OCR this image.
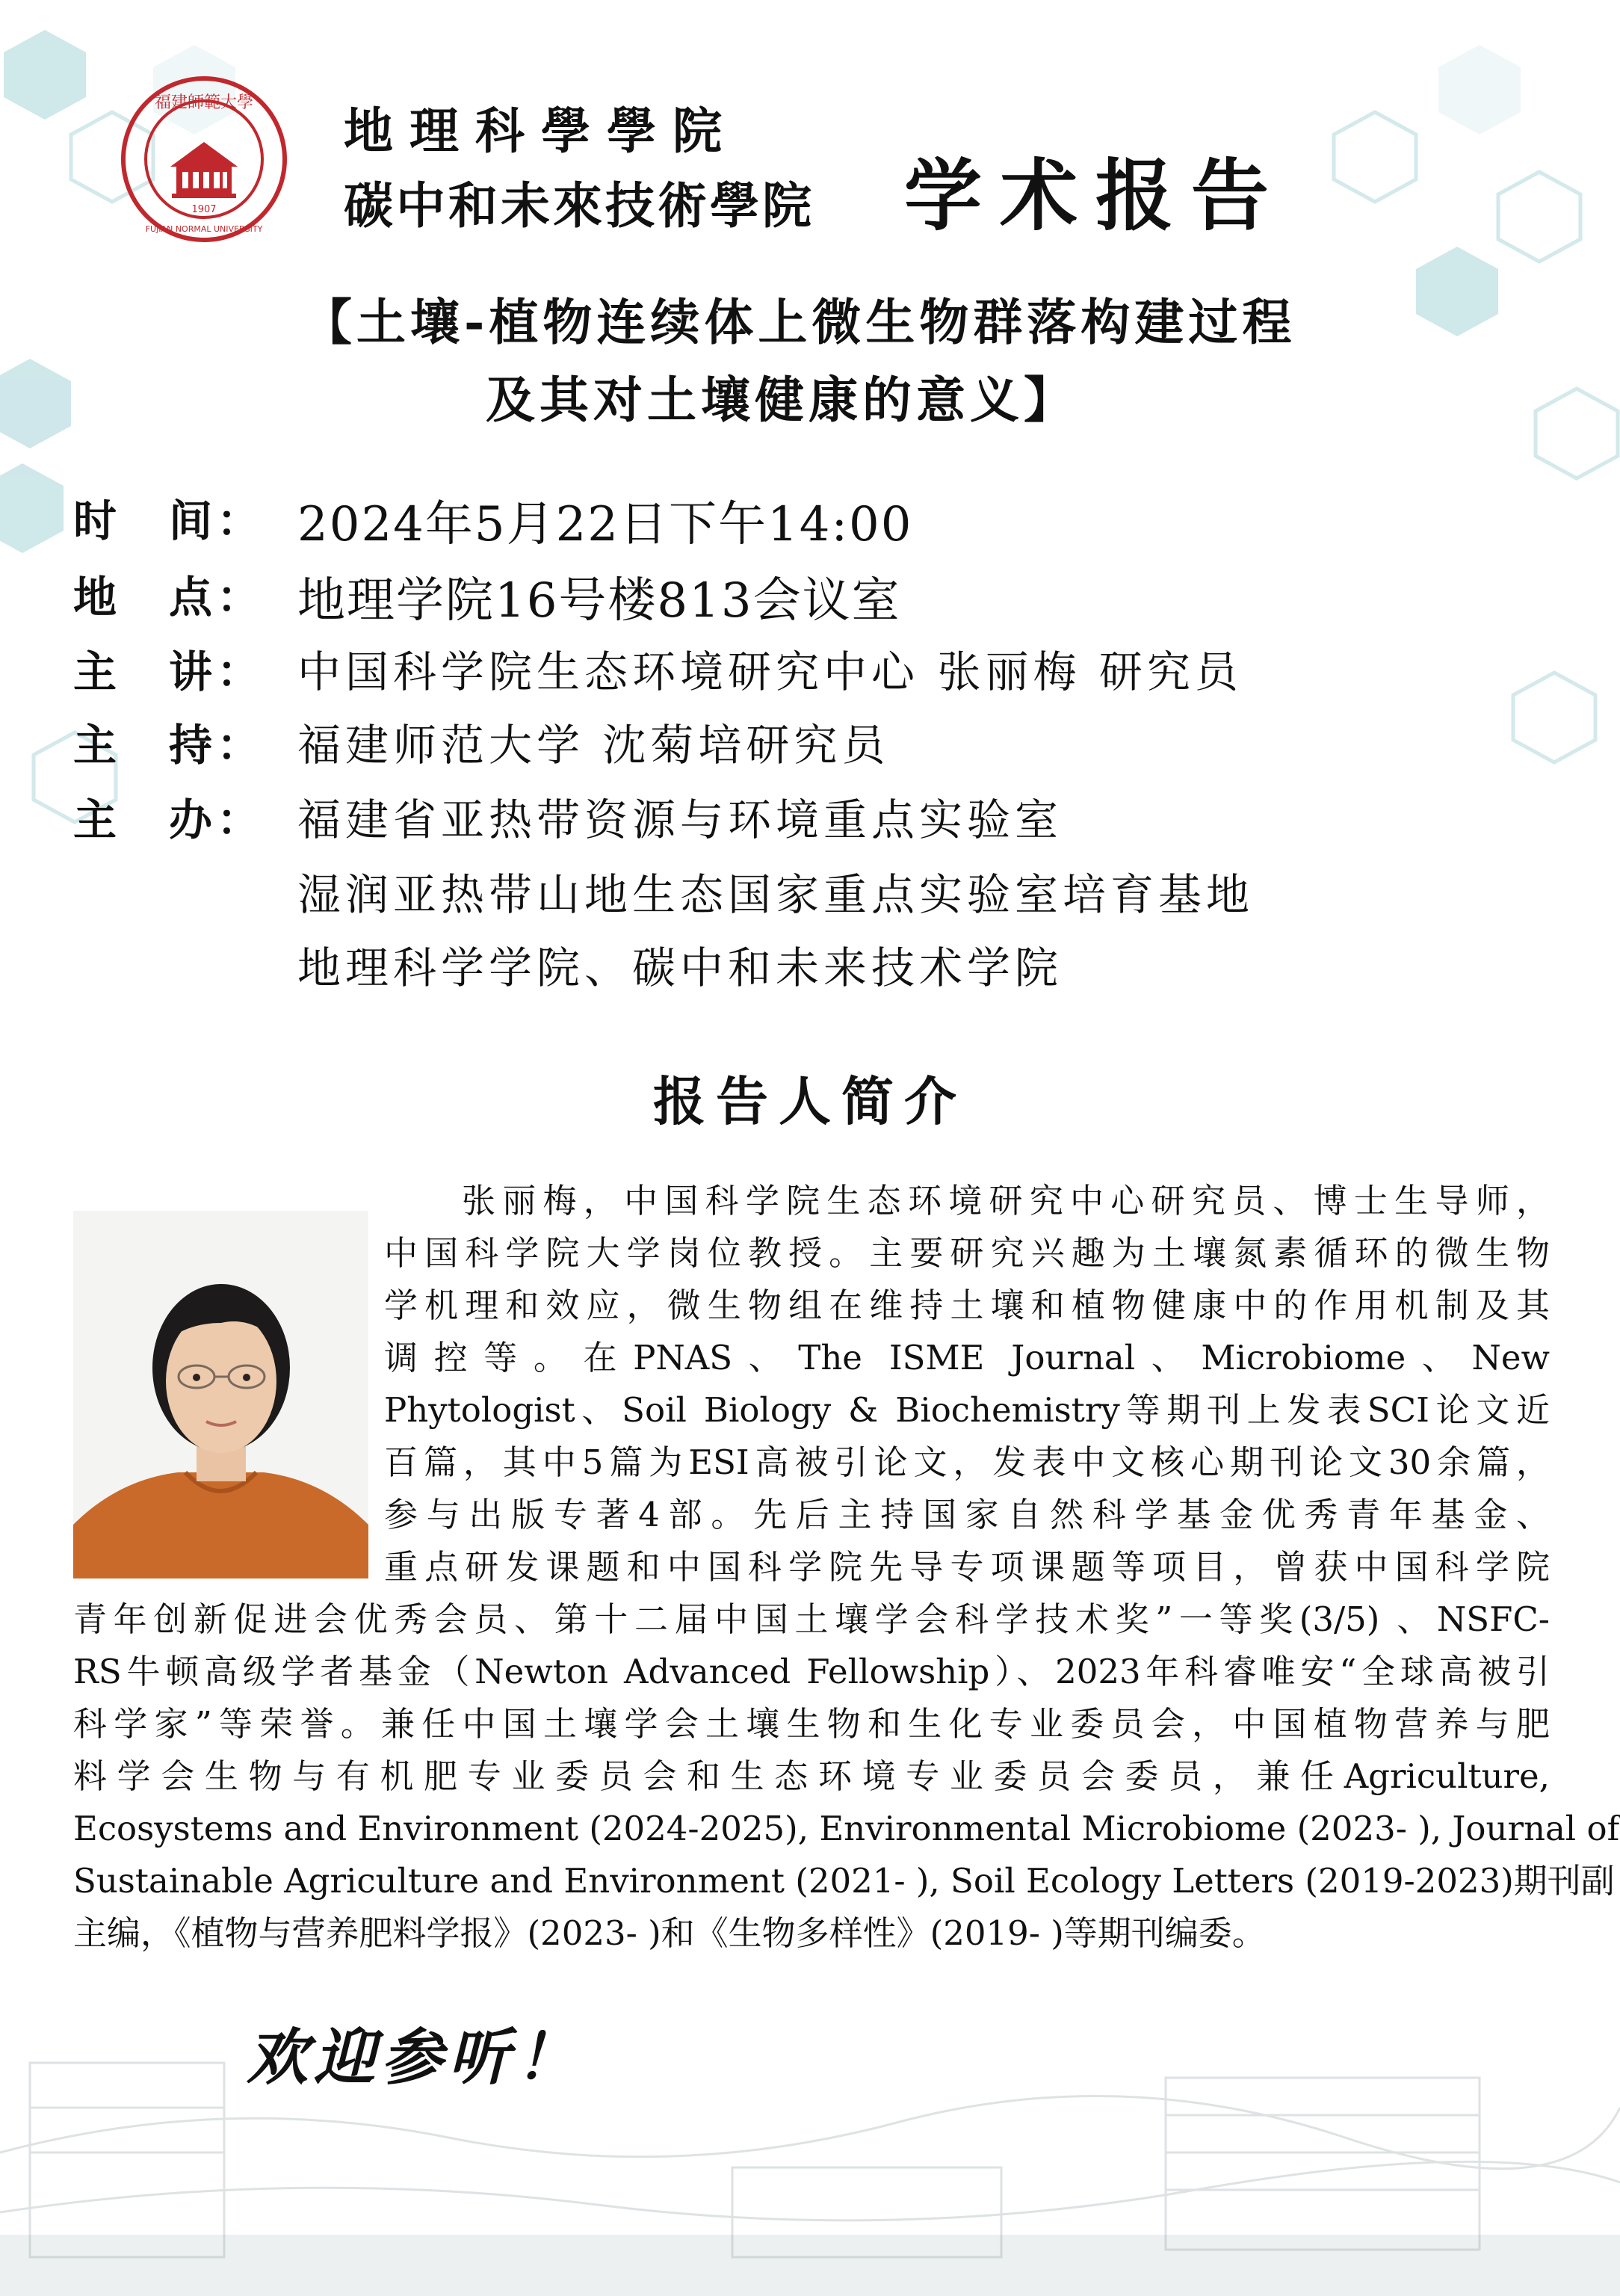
福建師範大學
FUJIAN NORMAL UNIVERSITY
1907
地理科學學院
碳中和未來技術學院 学术报告
【土壤-植物连续体上微生物群落构建过程
及其对土壤健康的意义】
时　间： 2024年5月22日下午14:00
地　点： 地理学院16号楼813会议室
主　讲： 中国科学院生态环境研究中心 张丽梅 研究员
主　持： 福建师范大学 沈菊培研究员
主　办： 福建省亚热带资源与环境重点实验室
湿润亚热带山地生态国家重点实验室培育基地
地理科学学院、碳中和未来技术学院
报告人简介
张丽梅，中国科学院生态环境研究中心研究员、博士生导师，
中国科学院大学岗位教授。主要研究兴趣为土壤氮素循环的微生物
学机理和效应，微生物组在维持土壤和植物健康中的作用机制及其
调控等。在PNAS、The ISME Journal、Microbiome、New
Phytologist、Soil Biology & Biochemistry等期刊上发表SCI论文近
百篇，其中5篇为ESI高被引论文，发表中文核心期刊论文30余篇，
参与出版专著4部。先后主持国家自然科学基金优秀青年基金、
重点研发课题和中国科学院先导专项课题等项目，曾获中国科学院
青年创新促进会优秀会员、第十二届中国土壤学会科学技术奖”一等奖(3/5) 、NSFC-
RS牛顿高级学者基金（Newton Advanced Fellowship）、2023年科睿唯安“全球高被引
科学家”等荣誉。兼任中国土壤学会土壤生物和生化专业委员会，中国植物营养与肥
料学会生物与有机肥专业委员会和生态环境专业委员会委员，兼任Agriculture,
Ecosystems and Environment (2024-2025), Environmental Microbiome (2023- ), Journal of
Sustainable Agriculture and Environment (2021- ), Soil Ecology Letters (2019-2023)期刊副
主编，《植物与营养肥料学报》(2023- )和《生物多样性》(2019- )等期刊编委。
欢迎参听！
